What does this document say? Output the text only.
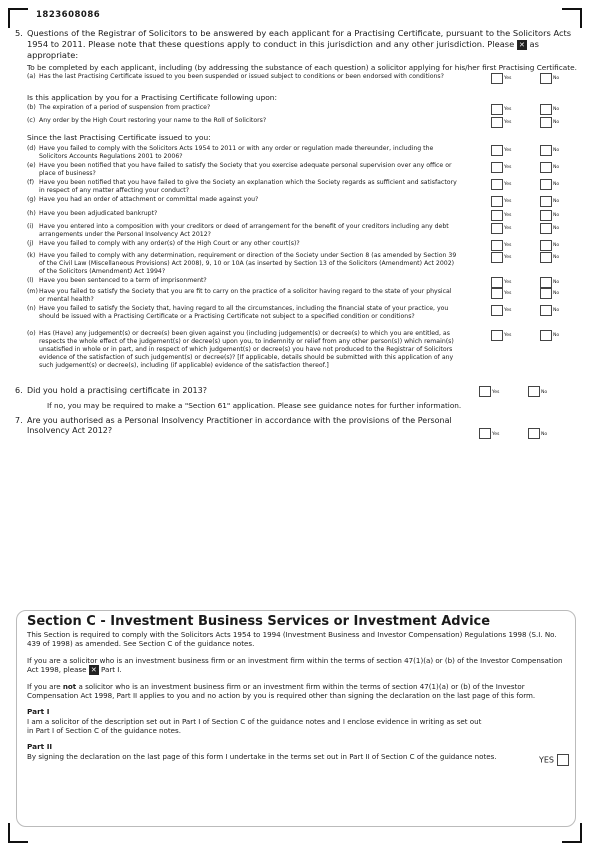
1823608086
5. Questions of the Registrar of Solicitors to be answered by each applicant for a Practising Certificate, pursuant to the Solicitors Acts 1954 to 2011. Please note that these questions apply to conduct in this jurisdiction and any other jurisdiction. Please ✕ as appropriate:
To be completed by each applicant, including (by addressing the substance of each question) a solicitor applying for his/her first Practising Certificate.
(a) Has the last Practising Certificate issued to you been suspended or issued subject to conditions or been endorsed with conditions?	Yes	No
Is this application by you for a Practising Certificate following upon:
(b) The expiration of a period of suspension from practice?	Yes	No
(c) Any order by the High Court restoring your name to the Roll of Solicitors?	Yes	No
Since the last Practising Certificate issued to you:
(d) Have you failed to comply with the Solicitors Acts 1954 to 2011 or with any order or regulation made thereunder, including the Solicitors Accounts Regulations 2001 to 2006?
Yes	No
(e) Have you been notified that you have failed to satisfy the Society that you exercise adequate personal supervision over any office or place of business?
Yes	No
(f) Have you been notified that you have failed to give the Society an explanation which the Society regards as sufficient and satisfactory in respect of any matter affecting your conduct?
Yes	No
(g) Have you had an order of attachment or committal made against you?	Yes	No
(h) Have you been adjudicated bankrupt?	Yes	No
(i) Have you entered into a composition with your creditors or deed of arrangement for the benefit of your creditors including any debt arrangements under the Personal Insolvency Act 2012?
Yes	No
(j) Have you failed to comply with any order(s) of the High Court or any other court(s)?	Yes	No
(k) Have you failed to comply with any determination, requirement or direction of the Society under Section 8 (as amended by Section 39 of the Civil Law (Miscellaneous Provisions) Act 2008), 9, 10 or 10A (as inserted by Section 13 of the Solicitors (Amendment) Act 2002) of the Solicitors (Amendment) Act 1994?
Yes	No
(l) Have you been sentenced to a term of imprisonment?	Yes	No
(m) Have you failed to satisfy the Society that you are fit to carry on the practice of a solicitor having regard to the state of your physical or mental health?
Yes	No
(n) Have you failed to satisfy the Society that, having regard to all the circumstances, including the financial state of your practice, you should be issued with a Practising Certificate or a Practising Certificate not subject to a specified condition or conditions?
Yes	No
(o) Has (Have) any judgement(s) or decree(s) been given against you (including judgement(s) or decree(s) to which you are entitled, as respects the whole effect of the judgement(s) or decree(s) upon you, to indemnity or relief from any other person(s)) which remain(s) unsatisfied in whole or in part, and in respect of which judgement(s) or decree(s) you have not produced to the Registrar of Solicitors evidence of the satisfaction of such judgement(s) or decree(s)? [If applicable, details should be submitted with this application of any such judgement(s) or decree(s), including (if applicable) evidence of the satisfaction thereof.]
Yes	No
6. Did you hold a practising certificate in 2013?	Yes	No
If no, you may be required to make a "Section 61" application. Please see guidance notes for further information.
7. Are you authorised as a Personal Insolvency Practitioner in accordance with the provisions of the Personal Insolvency Act 2012?	Yes	No
Section C - Investment Business Services or Investment Advice

This Section is required to comply with the Solicitors Acts 1954 to 1994 (Investment Business and Investor Compensation) Regulations 1998 (S.I. No. 439 of 1998) as amended. See Section C of the guidance notes.

If you are a solicitor who is an investment business firm or an investment firm within the terms of section 47(1)(a) or (b) of the Investor Compensation Act 1998, please ✕ Part I.

If you are not a solicitor who is an investment business firm or an investment firm within the terms of section 47(1)(a) or (b) of the Investor Compensation Act 1998, Part II applies to you and no action by you is required other than signing the declaration on the last page of this form.

Part I

I am a solicitor of the description set out in Part I of Section C of the guidance notes and I enclose evidence in writing as set out in Part I of Section C of the guidance notes.

Part II

By signing the declaration on the last page of this form I undertake in the terms set out in Part II of Section C of the guidance notes.	YES
